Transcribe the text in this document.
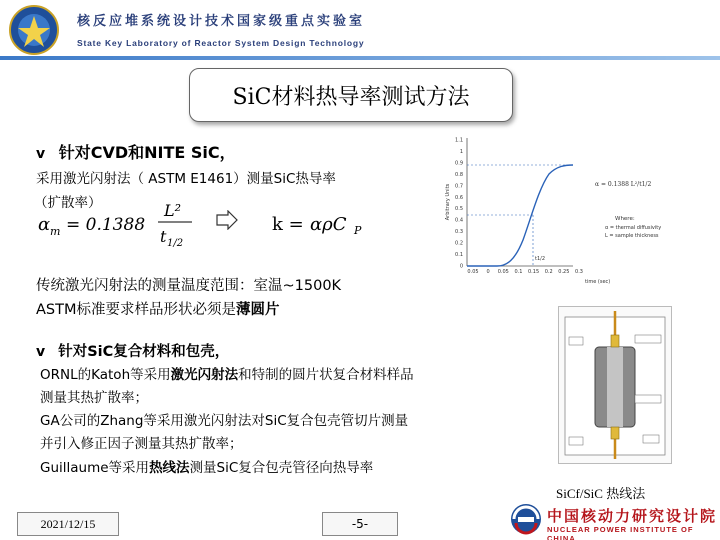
核反应堆系统设计技术国家级重点实验室
State Key Laboratory of Reactor System Design Technology
SiC材料热导率测试方法
v 针对CVD和NITE SiC，
采用激光闪射法（ ASTM E1461）测量SiC热导率
（扩散率）
α m = 0.1388
L²
t 1/2
k = αρC P
传统激光闪射法的测量温度范围：室温~1500K
ASTM标准要求样品形状必须是薄圆片
1.1
1
0.9
0.8
0.7
0.6
0.5
0.4
0.3
0.2
0.1
0
0.05 0 0.05 0.1 0.15 0.2 0.25 0.3
Arbitrary Units
time (sec)
t1/2
α = 0.1388 L²/t1/2
Where:
α = thermal diffusivity
L = sample thickness
v 针对SiC复合材料和包壳，
ORNL的Katoh等采用激光闪射法和特制的圆片状复合材料样品
测量其热扩散率；
GA公司的Zhang等采用激光闪射法对SiC复合包壳管切片测量
并引入修正因子测量其热扩散率；
Guillaume等采用热线法测量SiC复合包壳管径向热导率
SiCf/SiC 热线法
2021/12/15	-5-	中国核动力研究设计院
NUCLEAR POWER INSTITUTE OF CHINA
